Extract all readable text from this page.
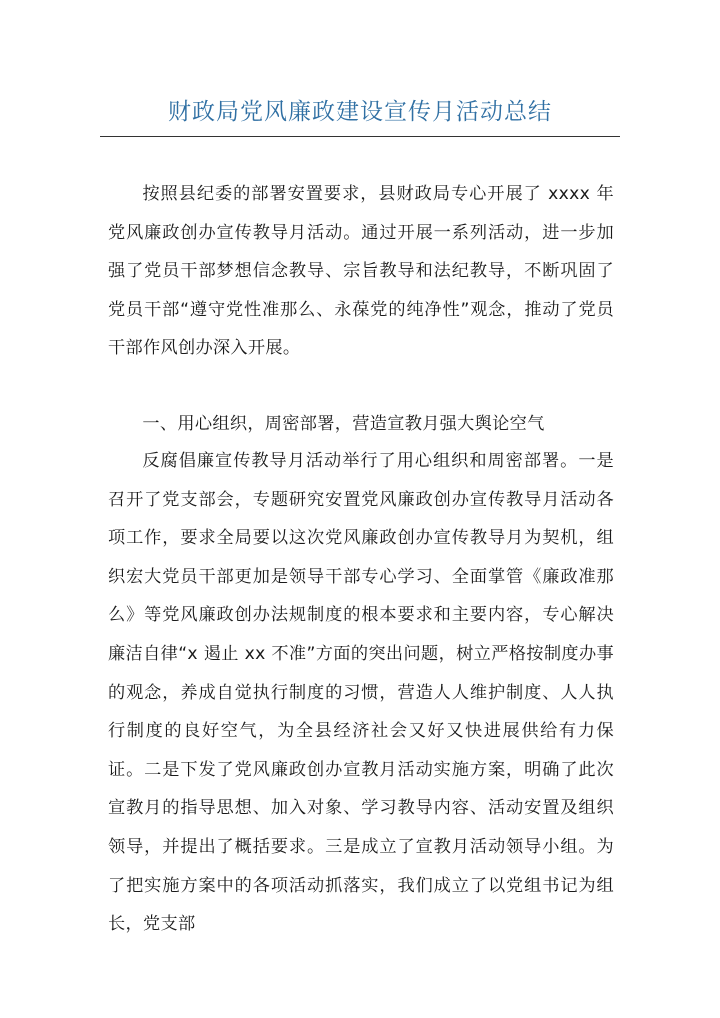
财政局党风廉政建设宣传月活动总结

按照县纪委的部署安置要求，县财政局专心开展了 xxxx 年党风廉政创办宣传教导月活动。通过开展一系列活动，进一步加强了党员干部梦想信念教导、宗旨教导和法纪教导，不断巩固了党员干部“遵守党性准那么、永葆党的纯净性”观念，推动了党员干部作风创办深入开展。

一、用心组织，周密部署，营造宣教月强大舆论空气

反腐倡廉宣传教导月活动举行了用心组织和周密部署。一是召开了党支部会，专题研究安置党风廉政创办宣传教导月活动各项工作，要求全局要以这次党风廉政创办宣传教导月为契机，组织宏大党员干部更加是领导干部专心学习、全面掌管《廉政准那么》等党风廉政创办法规制度的根本要求和主要内容，专心解决廉洁自律“x 遏止 xx 不准”方面的突出问题，树立严格按制度办事的观念，养成自觉执行制度的习惯，营造人人维护制度、人人执行制度的良好空气，为全县经济社会又好又快进展供给有力保证。二是下发了党风廉政创办宣教月活动实施方案，明确了此次宣教月的指导思想、加入对象、学习教导内容、活动安置及组织领导，并提出了概括要求。三是成立了宣教月活动领导小组。为了把实施方案中的各项活动抓落实，我们成立了以党组书记为组长，党支部
